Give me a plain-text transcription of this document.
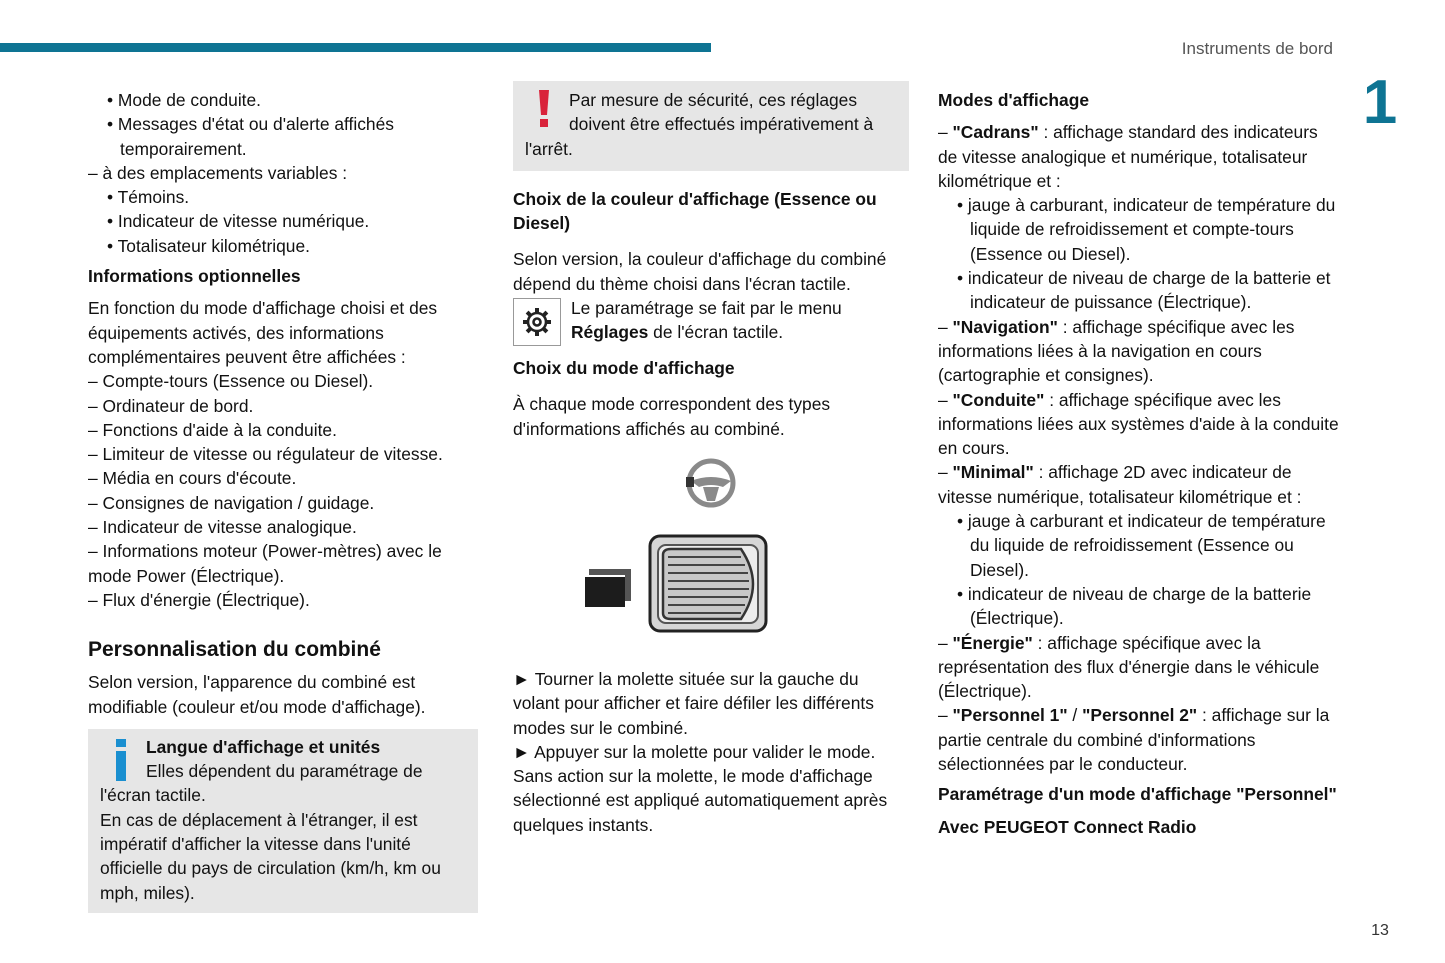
Instruments de bord
1
13

• Mode de conduite.

• Messages d'état ou d'alerte affichés temporairement.

– à des emplacements variables :

• Témoins.

• Indicateur de vitesse numérique.

• Totalisateur kilométrique.

Informations optionnelles

En fonction du mode d'affichage choisi et des équipements activés, des informations complémentaires peuvent être affichées :

– Compte-tours (Essence ou Diesel).

– Ordinateur de bord.

– Fonctions d'aide à la conduite.

– Limiteur de vitesse ou régulateur de vitesse.

– Média en cours d'écoute.

– Consignes de navigation / guidage.

– Indicateur de vitesse analogique.

– Informations moteur (Power-mètres) avec le mode Power (Électrique).

– Flux d'énergie (Électrique).

Personnalisation du combiné

Selon version, l'apparence du combiné est modifiable (couleur et/ou mode d'affichage).

Langue d'affichage et unités

Elles dépendent du paramétrage de l'écran tactile.

En cas de déplacement à l'étranger, il est impératif d'afficher la vitesse dans l'unité officielle du pays de circulation (km/h, km ou mph, miles).

Par mesure de sécurité, ces réglages doivent être effectués impérativement à l'arrêt.

Choix de la couleur d'affichage (Essence ou Diesel)

Selon version, la couleur d'affichage du combiné dépend du thème choisi dans l'écran tactile.

Le paramétrage se fait par le menu Réglages de l'écran tactile.

Choix du mode d'affichage

À chaque mode correspondent des types d'informations affichés au combiné.

► Tourner la molette située sur la gauche du volant pour afficher et faire défiler les différents modes sur le combiné.

► Appuyer sur la molette pour valider le mode.

Sans action sur la molette, le mode d'affichage sélectionné est appliqué automatiquement après quelques instants.

Modes d'affichage

– "Cadrans" : affichage standard des indicateurs de vitesse analogique et numérique, totalisateur kilométrique et :

• jauge à carburant, indicateur de température du liquide de refroidissement et compte-tours (Essence ou Diesel).

• indicateur de niveau de charge de la batterie et indicateur de puissance (Électrique).

– "Navigation" : affichage spécifique avec les informations liées à la navigation en cours (cartographie et consignes).

– "Conduite" : affichage spécifique avec les informations liées aux systèmes d'aide à la conduite en cours.

– "Minimal" : affichage 2D avec indicateur de vitesse numérique, totalisateur kilométrique et :

• jauge à carburant et indicateur de température du liquide de refroidissement (Essence ou Diesel).

• indicateur de niveau de charge de la batterie (Électrique).

– "Énergie" : affichage spécifique avec la représentation des flux d'énergie dans le véhicule (Électrique).

– "Personnel 1" / "Personnel 2" : affichage sur la partie centrale du combiné d'informations sélectionnées par le conducteur.

Paramétrage d'un mode d'affichage "Personnel"

Avec PEUGEOT Connect Radio
